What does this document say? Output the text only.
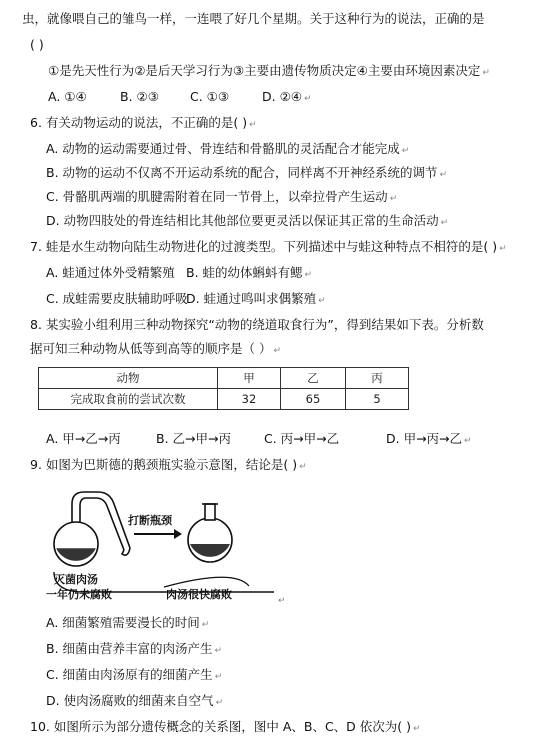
虫，就像喂自己的雏鸟一样，一连喂了好几个星期。关于这种行为的说法，正确的是
( )
①是先天性行为②是后天学习行为③主要由遗传物质决定④主要由环境因素决定 ↵
A. ①④	B. ②③ C. ①③	D. ②④ ↵
6. 有关动物运动的说法，不正确的是( ) ↵
A. 动物的运动需要通过骨、骨连结和骨骼肌的灵活配合才能完成 ↵
B. 动物的运动不仅离不开运动系统的配合，同样离不开神经系统的调节 ↵
C. 骨骼肌两端的肌腱需附着在同一节骨上，以牵拉骨产生运动 ↵
D. 动物四肢处的骨连结相比其他部位要更灵活以保证其正常的生命活动 ↵
7. 蛙是水生动物向陆生动物进化的过渡类型。下列描述中与蛙这种特点不相符的是( ) ↵
A. 蛙通过体外受精繁殖 B. 蛙的幼体蝌蚪有鳃 ↵
C. 成蛙需要皮肤辅助呼吸D. 蛙通过鸣叫求偶繁殖 ↵
8. 某实验小组利用三种动物探究“动物的绕道取食行为”，得到结果如下表。分析数
据可知三种动物从低等到高等的顺序是（ ） ↵
动物	甲	乙	丙
完成取食前的尝试次数	32	65	5
A. 甲→乙→丙	B. 乙→甲→丙	C. 丙→甲→乙	D. 甲→丙→乙 ↵
9. 如图为巴斯德的鹅颈瓶实验示意图，结论是( ) ↵
打断瓶颈
灭菌肉汤
一年仍未腐败	肉汤很快腐败	↵
A. 细菌繁殖需要漫长的时间 ↵
B. 细菌由营养丰富的肉汤产生 ↵
C. 细菌由肉汤原有的细菌产生 ↵
D. 使肉汤腐败的细菌来自空气 ↵
10. 如图所示为部分遗传概念的关系图，图中 A、B、C、D 依次为( ) ↵
